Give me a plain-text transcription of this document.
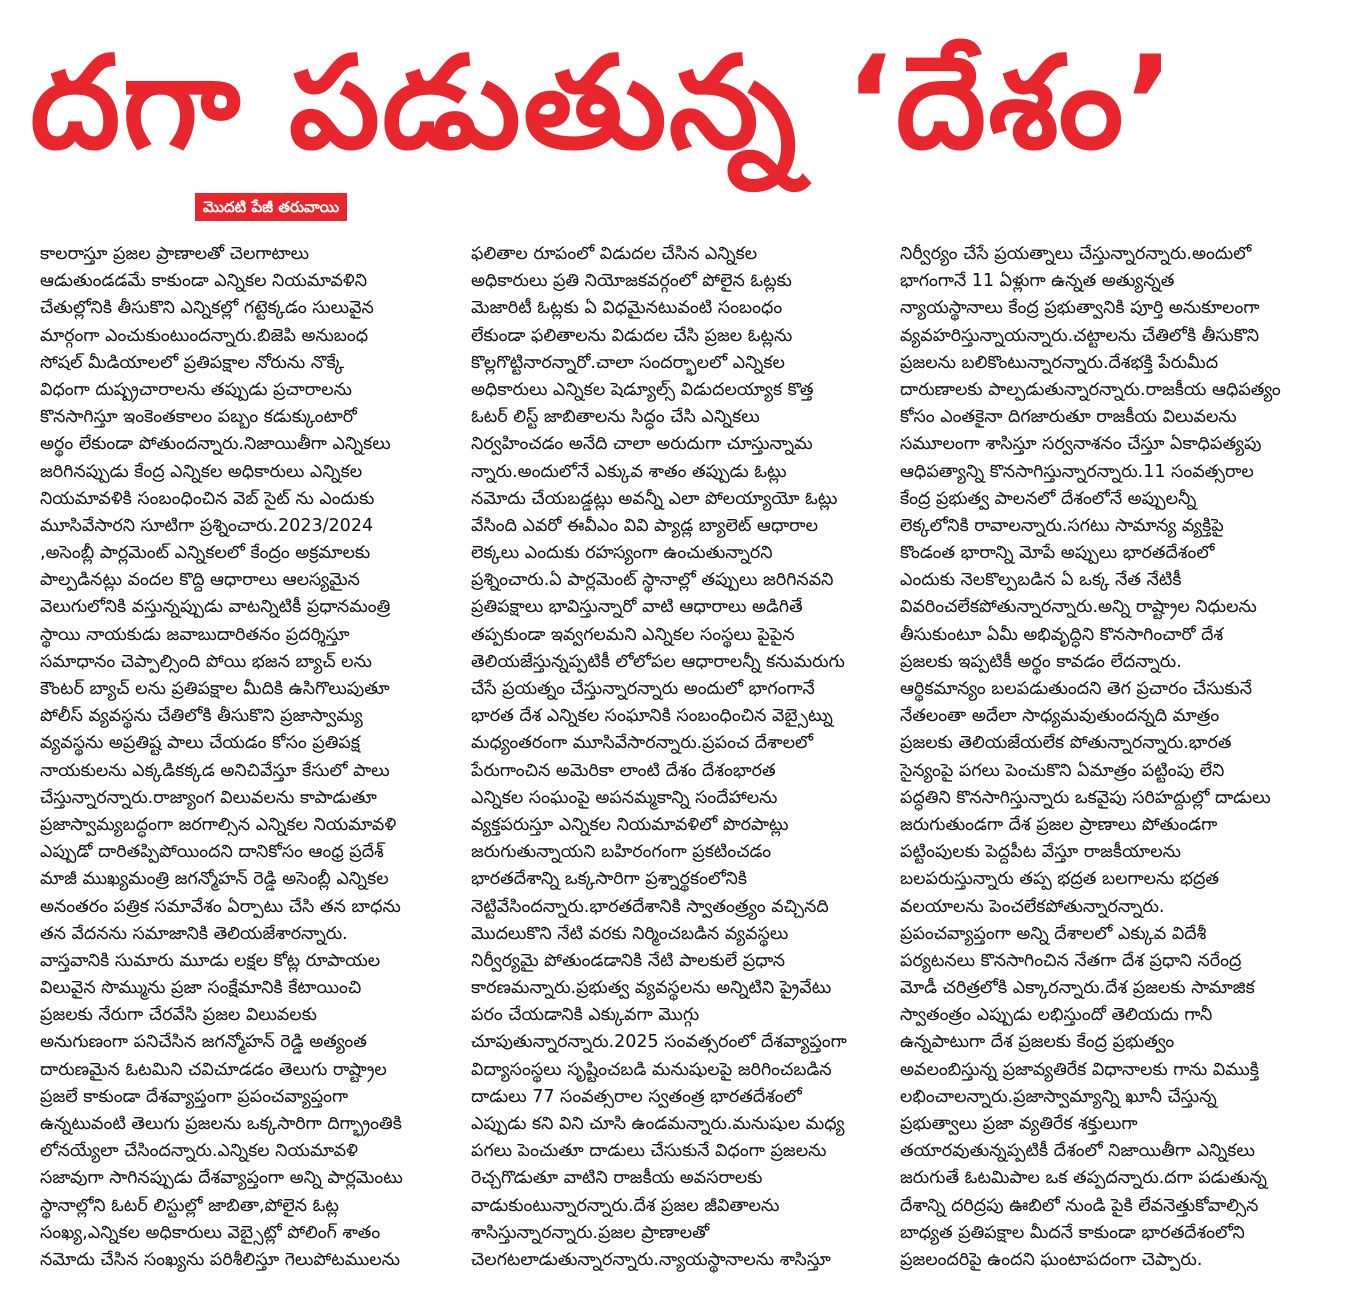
దగా పడుతున్న ‘దేశం’
మొదటి పేజీ తరువాయి
కాలరాస్తూ ప్రజల ప్రాణాలతో చెలగాటాలు
ఆడుతుండడమే కాకుండా ఎన్నికల నియమావళిని
చేతుల్లోనికి తీసుకొని ఎన్నికల్లో గట్టెక్కడం సులువైన
మార్గంగా ఎంచుకుంటుందన్నారు.బిజెపి అనుబంధ
సోషల్ మీడియాలలో ప్రతిపక్షాల నోరును నొక్కే
విధంగా దుష్ప్రచారాలను తప్పుడు ప్రచారాలను
కొనసాగిస్తూ ఇంకెంతకాలం పబ్బం కడుక్కుంటారో
అర్థం లేకుండా పోతుందన్నారు.నిజాయితీగా ఎన్నికలు
జరిగినప్పుడు కేంద్ర ఎన్నికల అధికారులు ఎన్నికల
నియమావళికి సంబంధించిన వెబ్ సైట్ ను ఎందుకు
మూసివేసారని సూటిగా ప్రశ్నించారు.2023/2024
,అసెంబ్లీ పార్లమెంట్ ఎన్నికలలో కేంద్రం అక్రమాలకు
పాల్పడినట్లు వందల కొద్ది ఆధారాలు ఆలస్యమైన
వెలుగులోనికి వస్తున్నప్పుడు వాటన్నిటికీ ప్రధానమంత్రి
స్థాయి నాయకుడు జవాబుదారితనం ప్రదర్శిస్తూ
సమాధానం చెప్పాల్సింది పోయి భజన బ్యాచ్ లను
కౌంటర్ బ్యాచ్ లను ప్రతిపక్షాల మీదికి ఉసిగొలుపుతూ
పోలీస్ వ్యవస్థను చేతిలోకి తీసుకొని ప్రజాస్వామ్య
వ్యవస్థను అప్రతిష్ట పాలు చేయడం కోసం ప్రతిపక్ష
నాయకులను ఎక్కడికక్కడ అనిచివేస్తూ కేసులో పాలు
చేస్తున్నారన్నారు.రాజ్యాంగ విలువలను కాపాడుతూ
ప్రజాస్వామ్యబద్ధంగా జరగాల్సిన ఎన్నికల నియమావళి
ఎప్పుడో దారితప్పిపోయిందని దానికోసం ఆంధ్ర ప్రదేశ్
మాజీ ముఖ్యమంత్రి జగన్మోహన్ రెడ్డి అసెంబ్లీ ఎన్నికల
అనంతరం పత్రిక సమావేశం ఏర్పాటు చేసి తన బాధను
తన వేదనను సమాజానికి తెలియజేశారన్నారు.
వాస్తవానికి సుమారు మూడు లక్షల కోట్ల రూపాయల
విలువైన సొమ్మును ప్రజా సంక్షేమానికి కేటాయించి
ప్రజలకు నేరుగా చేరవేసి ప్రజల విలువలకు
అనుగుణంగా పనిచేసిన జగన్మోహన్ రెడ్డి అత్యంత
దారుణమైన ఓటమిని చవిచూడడం తెలుగు రాష్ట్రాల
ప్రజలే కాకుండా దేశవ్యాప్తంగా ప్రపంచవ్యాప్తంగా
ఉన్నటువంటి తెలుగు ప్రజలను ఒక్కసారిగా దిగ్భ్రాంతికి
లోనయ్యేలా చేసిందన్నారు.ఎన్నికల నియమావళి
సజావుగా సాగినప్పుడు దేశవ్యాప్తంగా అన్ని పార్లమెంటు
స్థానాల్లోని ఓటర్ లిస్టుల్లో జాబితా,పోలైన ఓట్ల
సంఖ్య,ఎన్నికల అధికారులు వెబ్సైట్లో పోలింగ్ శాతం
నమోదు చేసిన సంఖ్యను పరిశీలిస్తూ గెలుపోటములను
ఫలితాల రూపంలో విడుదల చేసిన ఎన్నికల
అధికారులు ప్రతి నియోజకవర్గంలో పోలైన ఓట్లకు
మెజారిటీ ఓట్లకు ఏ విధమైనటువంటి సంబంధం
లేకుండా ఫలితాలను విడుదల చేసి ప్రజల ఓట్లను
కొల్లగొట్టినారన్నారో.చాలా సందర్భాలలో ఎన్నికల
అధికారులు ఎన్నికల షెడ్యూల్స్ విడుదలయ్యాక కొత్త
ఓటర్ లిస్ట్ జాబితాలను సిద్ధం చేసి ఎన్నికలు
నిర్వహించడం అనేది చాలా అరుదుగా చూస్తున్నామ
న్నారు.అందులోనే ఎక్కువ శాతం తప్పుడు ఓట్లు
నమోదు చేయబడ్డట్లు అవన్నీ ఎలా పోలయ్యాయో ఓట్లు
వేసింది ఎవరో ఈవీఎం వివి ప్యాడ్ల బ్యాలెట్ ఆధారాల
లెక్కలు ఎందుకు రహస్యంగా ఉంచుతున్నారని
ప్రశ్నించారు.ఏ పార్లమెంట్ స్థానాల్లో తప్పులు జరిగినవని
ప్రతిపక్షాలు భావిస్తున్నారో వాటి ఆధారాలు అడిగితే
తప్పకుండా ఇవ్వగలమని ఎన్నికల సంస్థలు పైపైన
తెలియజేస్తున్నప్పటికీ లోలోపల ఆధారాలన్నీ కనుమరుగు
చేసే ప్రయత్నం చేస్తున్నారన్నారు అందులో భాగంగానే
భారత దేశ ఎన్నికల సంఘానికి సంబంధించిన వెబ్సైట్ను
మధ్యంతరంగా మూసివేసారన్నారు.ప్రపంచ దేశాలలో
పేరుగాంచిన అమెరికా లాంటి దేశం దేశంభారత
ఎన్నికల సంఘంపై అపనమ్మకాన్ని సందేహాలను
వ్యక్తపరుస్తూ ఎన్నికల నియమావళిలో పొరపాట్లు
జరుగుతున్నాయని బహిరంగంగా ప్రకటించడం
భారతదేశాన్ని ఒక్కసారిగా ప్రశ్నార్థకంలోనికి
నెట్టివేసిందన్నారు.భారతదేశానికి స్వాతంత్ర్యం వచ్చినది
మొదలుకొని నేటి వరకు నిర్మించబడిన వ్యవస్థలు
నిర్వీర్యమై పోతుండడానికి నేటి పాలకులే ప్రధాన
కారణమన్నారు.ప్రభుత్వ వ్యవస్థలను అన్నిటిని ప్రైవేటు
పరం చేయడానికి ఎక్కువగా మొగ్గు
చూపుతున్నారన్నారు.2025 సంవత్సరంలో దేశవ్యాప్తంగా
విద్యాసంస్థలు సృష్టించబడి మనుషులపై జరిగించబడిన
దాడులు 77 సంవత్సరాల స్వతంత్ర భారతదేశంలో
ఎప్పుడు కని విని చూసి ఉండమన్నారు.మనుషుల మధ్య
పగలు పెంచుతూ దాడులు చేసుకునే విధంగా ప్రజలను
రెచ్చగొడుతూ వాటిని రాజకీయ అవసరాలకు
వాడుకుంటున్నారన్నారు.దేశ ప్రజల జీవితాలను
శాసిస్తున్నారన్నారు.ప్రజల ప్రాణాలతో
చెలగటలాడుతున్నారన్నారు.న్యాయస్థానాలను శాసిస్తూ
నిర్వీర్యం చేసే ప్రయత్నాలు చేస్తున్నారన్నారు.అందులో
భాగంగానే 11 ఏళ్లుగా ఉన్నత అత్యున్నత
న్యాయస్థానాలు కేంద్ర ప్రభుత్వానికి పూర్తి అనుకూలంగా
వ్యవహరిస్తున్నాయన్నారు.చట్టాలను చేతిలోకి తీసుకొని
ప్రజలను బలికొంటున్నారన్నారు.దేశభక్తి పేరుమీద
దారుణాలకు పాల్పడుతున్నారన్నారు.రాజకీయ ఆధిపత్యం
కోసం ఎంతకైనా దిగజారుతూ రాజకీయ విలువలను
సమూలంగా శాసిస్తూ సర్వనాశనం చేస్తూ ఏకాధిపత్యపు
ఆధిపత్యాన్ని కొనసాగిస్తున్నారన్నారు.11 సంవత్సరాల
కేంద్ర ప్రభుత్వ పాలనలో దేశంలోనే అప్పులన్నీ
లెక్కలోనికి రావాలన్నారు.సగటు సామాన్య వ్యక్తిపై
కొండంత భారాన్ని మోపే అప్పులు భారతదేశంలో
ఎందుకు నెలకొల్పబడిన ఏ ఒక్క నేత నేటికీ
వివరించలేకపోతున్నారన్నారు.అన్ని రాష్ట్రాల నిధులను
తీసుకుంటూ ఏమీ అభివృద్ధిని కొనసాగించారో దేశ
ప్రజలకు ఇప్పటికీ అర్థం కావడం లేదన్నారు.
ఆర్థికమాన్యం బలపడుతుందని తెగ ప్రచారం చేసుకునే
నేతలంతా అదేలా సాధ్యమవుతుందన్నది మాత్రం
ప్రజలకు తెలియజేయలేక పోతున్నారన్నారు.భారత
సైన్యంపై పగలు పెంచుకొని ఏమాత్రం పట్టింపు లేని
పద్ధతిని కొనసాగిస్తున్నారు ఒకవైపు సరిహద్దుల్లో దాడులు
జరుగుతుండగా దేశ ప్రజల ప్రాణాలు పోతుండగా
పట్టింపులకు పెద్దపీట వేస్తూ రాజకీయాలను
బలపరుస్తున్నారు తప్ప భద్రత బలగాలను భద్రత
వలయాలను పెంచలేకపోతున్నారన్నారు.
ప్రపంచవ్యాప్తంగా అన్ని దేశాలలో ఎక్కువ విదేశీ
పర్యటనలు కొనసాగించిన నేతగా దేశ ప్రధాని నరేంద్ర
మోడీ చరిత్రలోకి ఎక్కారన్నారు.దేశ ప్రజలకు సామాజిక
స్వాతంత్రం ఎప్పుడు లభిస్తుందో తెలియదు గానీ
ఉన్నపాటుగా దేశ ప్రజలకు కేంద్ర ప్రభుత్వం
అవలంబిస్తున్న ప్రజావ్యతిరేక విధానాలకు గాను విముక్తి
లభించాలన్నారు.ప్రజాస్వామ్యాన్ని ఖూనీ చేస్తున్న
ప్రభుత్వాలు ప్రజా వ్యతిరేక శక్తులుగా
తయారవుతున్నప్పటికీ దేశంలో నిజాయితీగా ఎన్నికలు
జరుగుతే ఓటమిపాల ఒక తప్పదన్నారు.దగా పడుతున్న
దేశాన్ని దరిద్రపు ఊబిలో నుండి పైకి లేవనెత్తుకోవాల్సిన
బాధ్యత ప్రతిపక్షాల మీదనే కాకుండా భారతదేశంలోని
ప్రజలందరిపై ఉందని ఘంటాపదంగా చెప్పారు.
